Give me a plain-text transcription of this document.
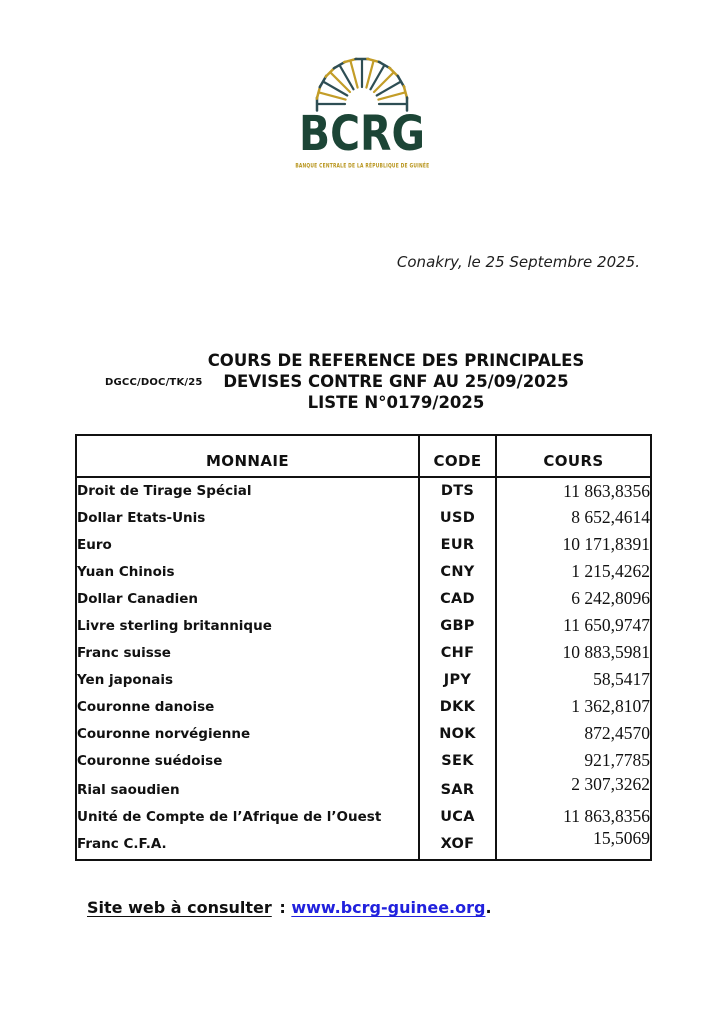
BCRG
BANQUE CENTRALE DE LA RÉPUBLIQUE DE GUINÉE
Conakry, le 25 Septembre 2025.
DGCC/DOC/TK/25
COURS DE REFERENCE DES PRINCIPALES
DEVISES CONTRE GNF AU 25/09/2025
LISTE N°0179/2025
MONNAIE	CODE	COURS
Droit de Tirage Spécial	DTS	11 863,8356
Dollar Etats-Unis	USD	8 652,4614
Euro	EUR	10 171,8391
Yuan Chinois	CNY	1 215,4262
Dollar Canadien	CAD	6 242,8096
Livre sterling britannique	GBP	11 650,9747
Franc suisse	CHF	10 883,5981
Yen japonais	JPY	58,5417
Couronne danoise	DKK	1 362,8107
Couronne norvégienne	NOK	872,4570
Couronne suédoise	SEK	921,7785
Rial saoudien	SAR	2 307,3262
Unité de Compte de l’Afrique de l’Ouest	UCA	11 863,8356
Franc C.F.A.	XOF	15,5069
Site web à consulter : www.bcrg-guinee.org.
